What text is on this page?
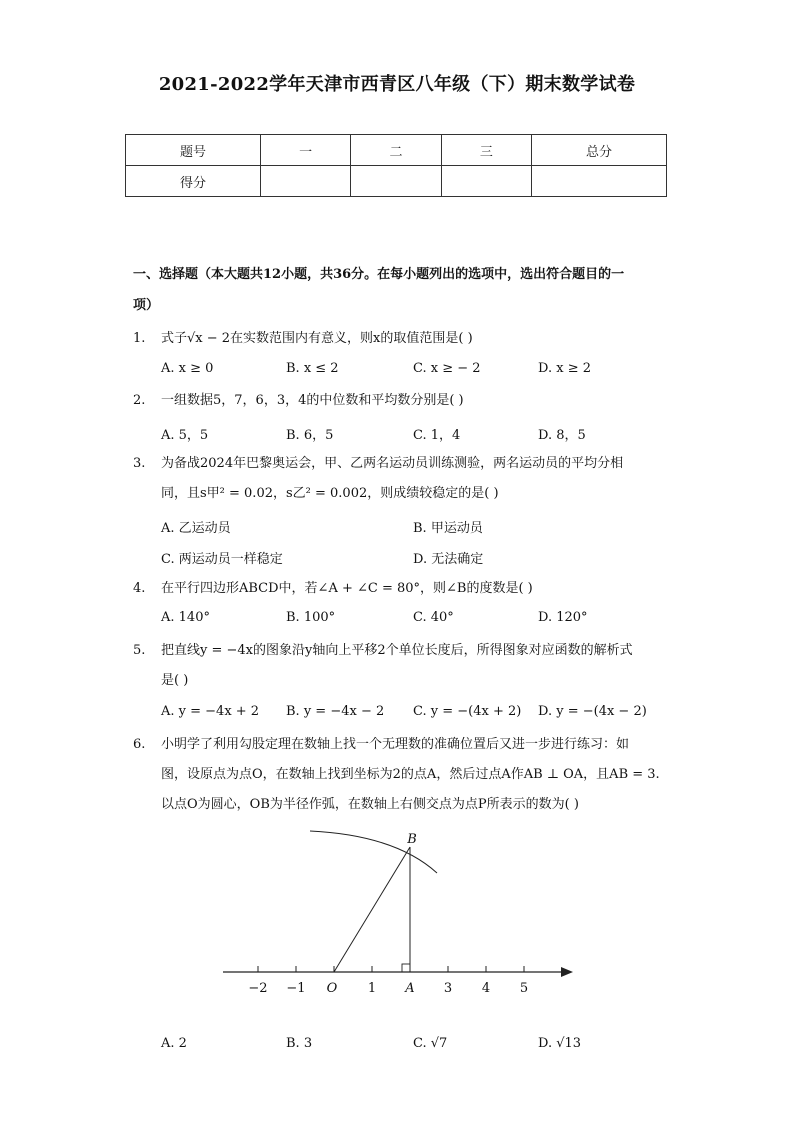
2021-2022学年天津市西青区八年级（下）期末数学试卷
题号	一	二	三	总分
得分				
一、选择题（本大题共12小题，共36分。在每小题列出的选项中，选出符合题目的一
项）
1. 式子√x − 2在实数范围内有意义，则x的取值范围是( )
A. x ≥ 0	B. x ≤ 2	C. x ≥ − 2	D. x ≥ 2
2. 一组数据5，7，6，3，4的中位数和平均数分别是( )
A. 5，5	B. 6，5	C. 1，4	D. 8，5
3. 为备战2024年巴黎奥运会，甲、乙两名运动员训练测验，两名运动员的平均分相
同，且s甲² = 0.02，s乙² = 0.002，则成绩较稳定的是( )
A. 乙运动员	B. 甲运动员
C. 两运动员一样稳定	D. 无法确定
4. 在平行四边形ABCD中，若∠A + ∠C = 80°，则∠B的度数是( )
A. 140°	B. 100°	C. 40°	D. 120°
5. 把直线y = −4x的图象沿y轴向上平移2个单位长度后，所得图象对应函数的解析式
是( )
A. y = −4x + 2 B. y = −4x − 2 C. y = −(4x + 2) D. y = −(4x − 2)
6. 小明学了利用勾股定理在数轴上找一个无理数的准确位置后又进一步进行练习：如
图，设原点为点O，在数轴上找到坐标为2的点A，然后过点A作AB ⊥ OA，且AB = 3.
以点O为圆心，OB为半径作弧，在数轴上右侧交点为点P所表示的数为( )
−2 −1 O 1 A 3 4 5
B
A. 2	B. 3	C. √7	D. √13
